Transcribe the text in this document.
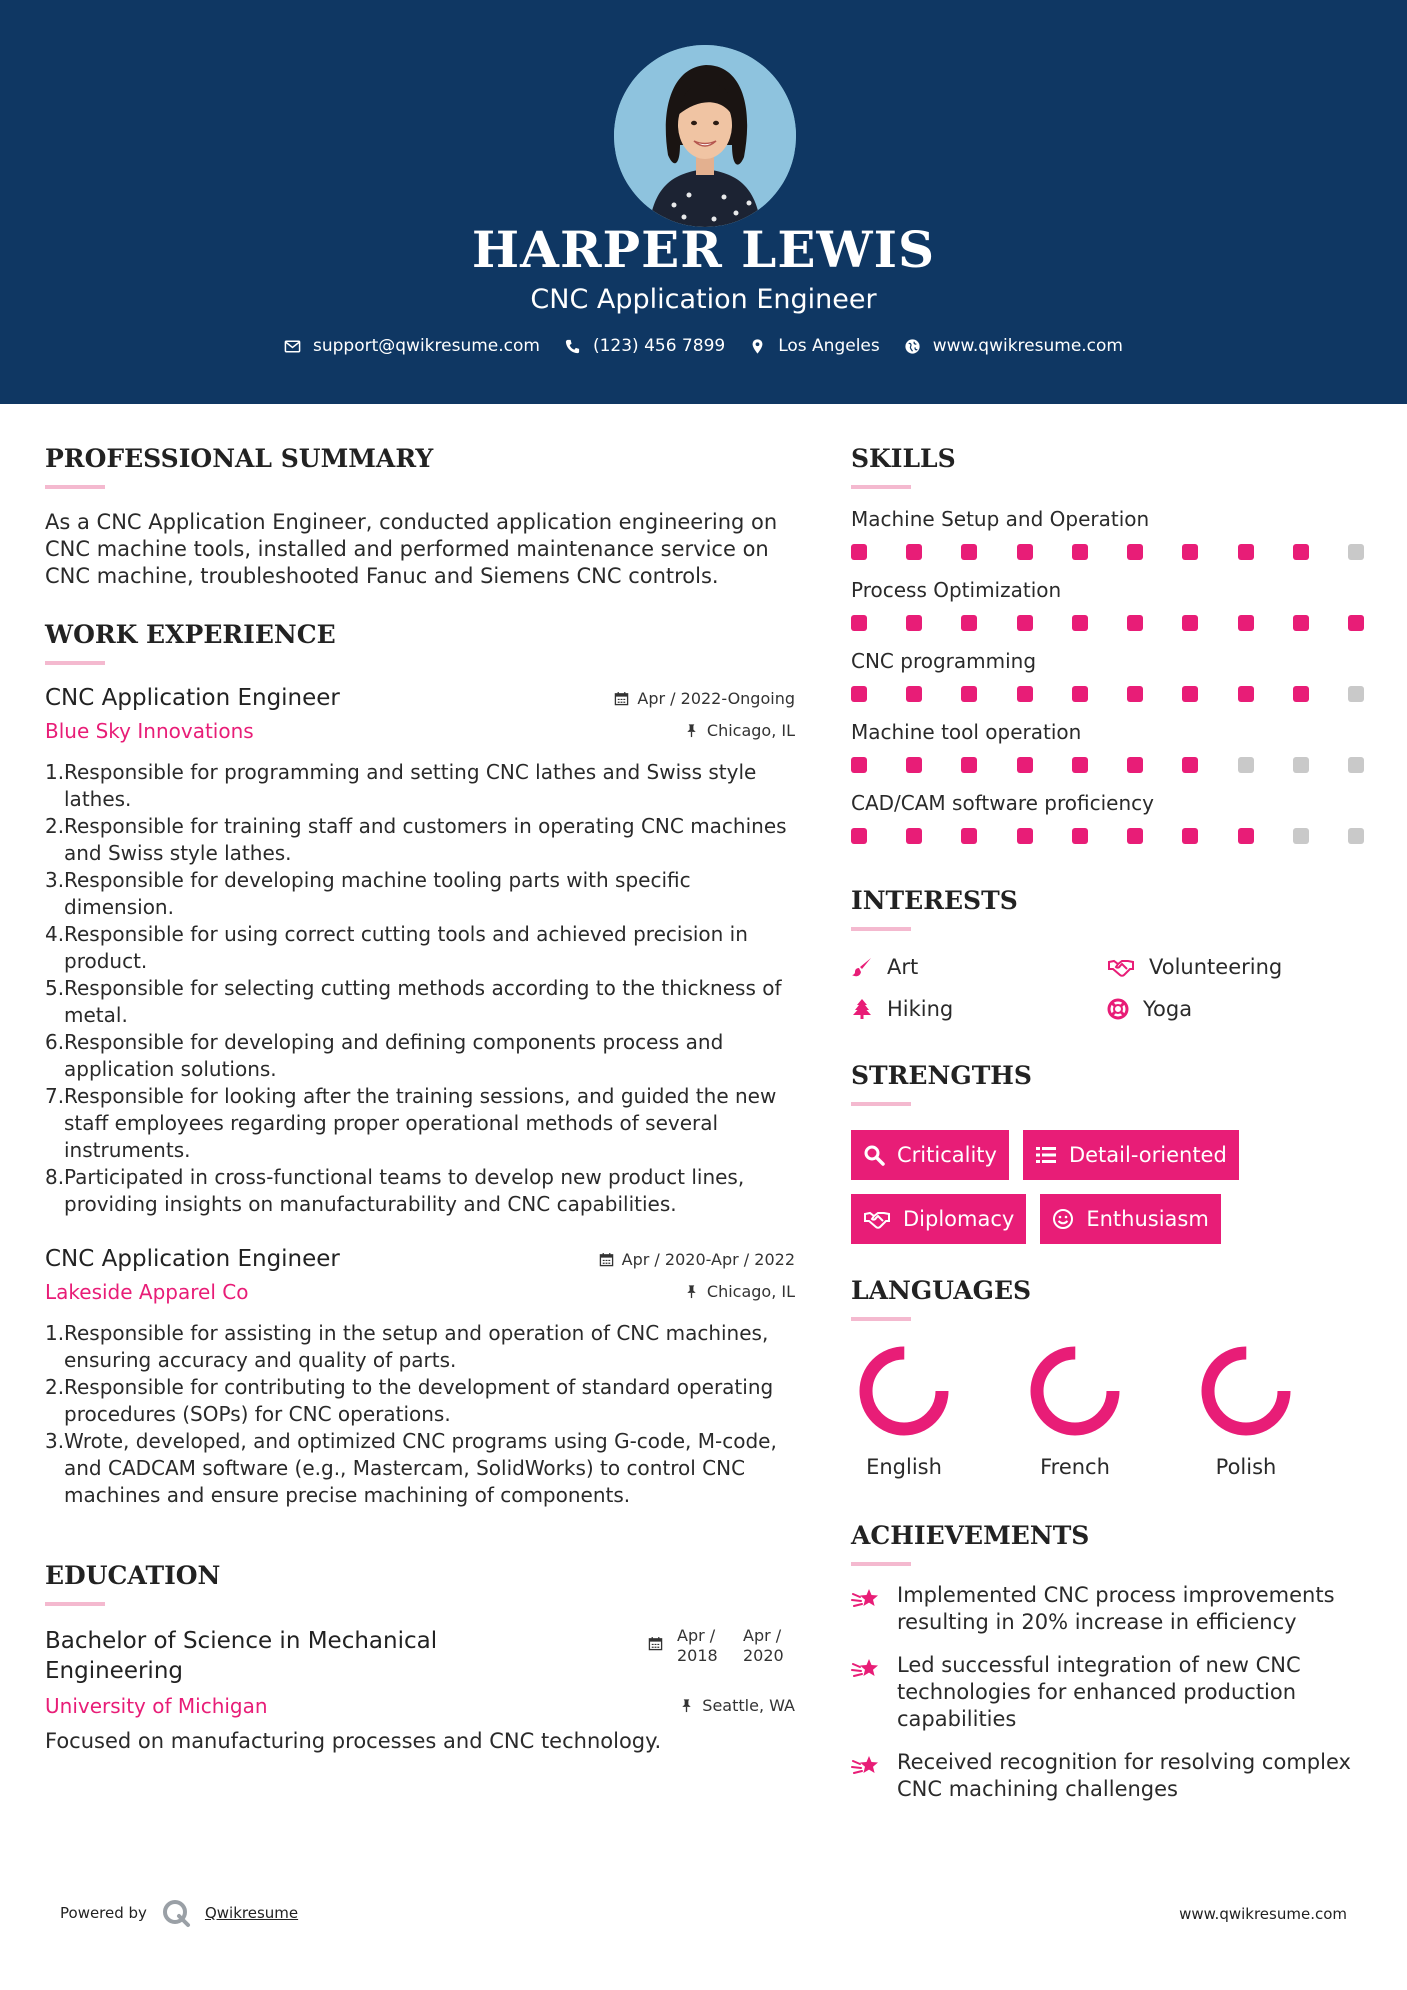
HARPER LEWIS
CNC Application Engineer
support@qwikresume.com	(123) 456 7899	Los Angeles	www.qwikresume.com
PROFESSIONAL SUMMARY
As a CNC Application Engineer, conducted application engineering on CNC machine tools, installed and performed maintenance service on CNC machine, troubleshooted Fanuc and Siemens CNC controls.
WORK EXPERIENCE
CNC Application Engineer	Apr / 2022-Ongoing
Blue Sky Innovations	Chicago, IL
1. Responsible for programming and setting CNC lathes and Swiss style lathes.
2. Responsible for training staff and customers in operating CNC machines and Swiss style lathes.
3. Responsible for developing machine tooling parts with specific dimension.
4. Responsible for using correct cutting tools and achieved precision in product.
5. Responsible for selecting cutting methods according to the thickness of metal.
6. Responsible for developing and defining components process and application solutions.
7. Responsible for looking after the training sessions, and guided the new staff employees regarding proper operational methods of several instruments.
8. Participated in cross-functional teams to develop new product lines, providing insights on manufacturability and CNC capabilities.
CNC Application Engineer	Apr / 2020-Apr / 2022
Lakeside Apparel Co	Chicago, IL
1. Responsible for assisting in the setup and operation of CNC machines, ensuring accuracy and quality of parts.
2. Responsible for contributing to the development of standard operating procedures (SOPs) for CNC operations.
3. Wrote, developed, and optimized CNC programs using G-code, M-code, and CADCAM software (e.g., Mastercam, SolidWorks) to control CNC machines and ensure precise machining of components.
EDUCATION
Bachelor of Science in Mechanical Engineering
Apr / 2018
Apr / 2020
University of Michigan	Seattle, WA
Focused on manufacturing processes and CNC technology.
SKILLS
Machine Setup and Operation
Process Optimization
CNC programming
Machine tool operation
CAD/CAM software proficiency
INTERESTS
Art	Volunteering
Hiking	Yoga
STRENGTHS
Criticality	Detail-oriented
Diplomacy	Enthusiasm
LANGUAGES
English	French	Polish
ACHIEVEMENTS
Implemented CNC process improvements resulting in 20% increase in efficiency
Led successful integration of new CNC technologies for enhanced production capabilities
Received recognition for resolving complex CNC machining challenges
Powered by	Qwikresume	www.qwikresume.com
